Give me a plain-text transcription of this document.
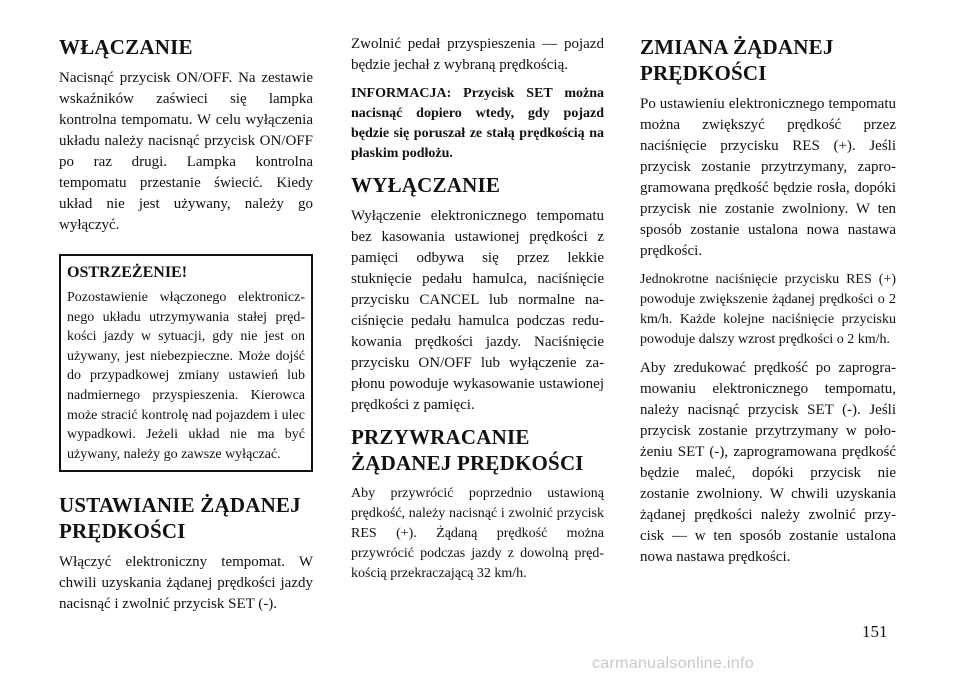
WŁĄCZANIE

Nacisnąć przycisk ON/OFF. Na zestawie wskaźników zaświeci się lampka kontrolna tempomatu. W celu wyłączenia układu należy nacisnąć przycisk ON/OFF po raz drugi. Lampka kontrolna tempomatu przestanie świecić. Kiedy układ nie jest używany, należy go wyłączyć.

OSTRZEŻENIE!

Pozostawienie włączonego elektronicznego układu utrzymywania stałej prędkości jazdy w sytuacji, gdy nie jest on używany, jest niebezpieczne. Może dojść do przypadkowej zmiany ustawień lub nadmiernego przyspieszenia. Kierowca może stracić kontrolę nad pojazdem i ulec wypadkowi. Jeżeli układ nie ma być używany, należy go zawsze wyłączać.

USTAWIANIE ŻĄDANEJ PRĘDKOŚCI

Włączyć elektroniczny tempomat. W chwili uzyskania żądanej prędkości jazdy nacisnąć i zwolnić przycisk SET (-).

Zwolnić pedał przyspieszenia — pojazd będzie jechał z wybraną prędkością.

INFORMACJA: Przycisk SET można nacisnąć dopiero wtedy, gdy pojazd będzie się poruszał ze stałą prędkością na płaskim podłożu.

WYŁĄCZANIE

Wyłączenie elektronicznego tempomatu bez kasowania ustawionej prędkości z pamięci odbywa się przez lekkie stuknięcie pedału hamulca, naciśnięcie przycisku CANCEL lub normalne naciśnięcie pedału hamulca podczas redukowania prędkości jazdy. Naciśnięcie przycisku ON/OFF lub wyłączenie zapłonu powoduje wykasowanie ustawionej prędkości z pamięci.

PRZYWRACANIE ŻĄDANEJ PRĘDKOŚCI

Aby przywrócić poprzednio ustawioną prędkość, należy nacisnąć i zwolnić przycisk RES (+). Żądaną prędkość można przywrócić podczas jazdy z dowolną prędkością przekraczającą 32 km/h.

ZMIANA ŻĄDANEJ PRĘDKOŚCI

Po ustawieniu elektronicznego tempomatu można zwiększyć prędkość przez naciśnięcie przycisku RES (+). Jeśli przycisk zostanie przytrzymany, zaprogramowana prędkość będzie rosła, dopóki przycisk nie zostanie zwolniony. W ten sposób zostanie ustalona nowa nastawa prędkości.

Jednokrotne naciśnięcie przycisku RES (+) powoduje zwiększenie żądanej prędkości o 2 km/h. Każde kolejne naciśnięcie przycisku powoduje dalszy wzrost prędkości o 2 km/h.

Aby zredukować prędkość po zaprogramowaniu elektronicznego tempomatu, należy nacisnąć przycisk SET (-). Jeśli przycisk zostanie przytrzymany w położeniu SET (-), zaprogramowana prędkość będzie maleć, dopóki przycisk nie zostanie zwolniony. W chwili uzyskania żądanej prędkości należy zwolnić przycisk — w ten sposób zostanie ustalona nowa nastawa prędkości.

151
carmanualsonline.info
